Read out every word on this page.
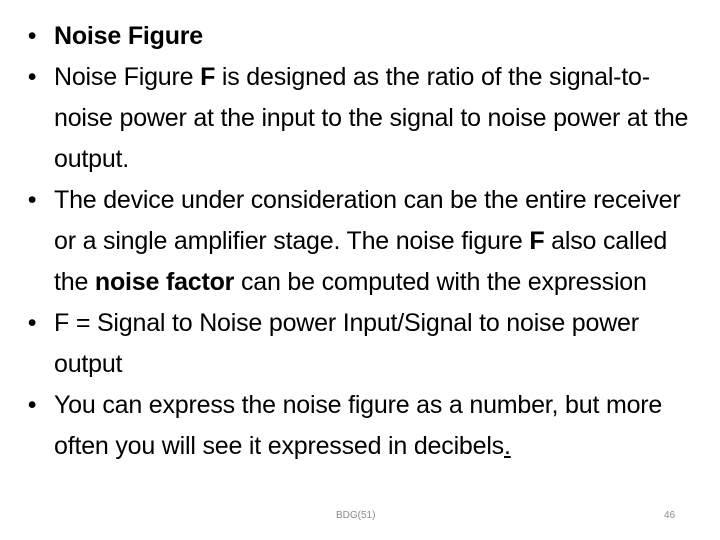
• Noise Figure
• Noise Figure F is designed as the ratio of the signal-to-noise power at the input to the signal to noise power at the output.
• The device under consideration can be the entire receiver or a single amplifier stage. The noise figure F also called the noise factor can be computed with the expression
• F = Signal to Noise power Input/Signal to noise power output
• You can express the noise figure as a number, but more often you will see it expressed in decibels.
BDG(51)	46
